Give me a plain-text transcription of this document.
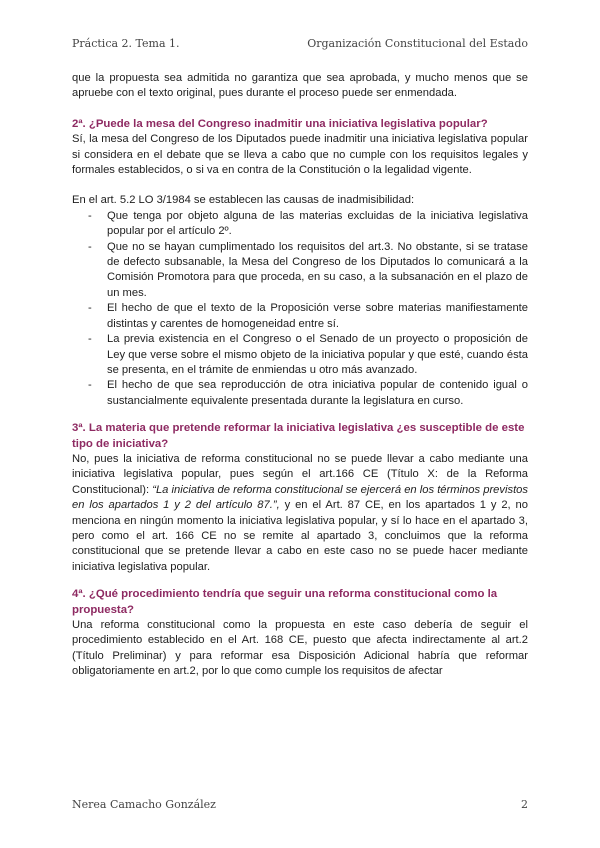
Práctica 2. Tema 1.	Organización Constitucional del Estado

que la propuesta sea admitida no garantiza que sea aprobada, y mucho menos que se apruebe con el texto original, pues durante el proceso puede ser enmendada.

2ª. ¿Puede la mesa del Congreso inadmitir una iniciativa legislativa popular?

Sí, la mesa del Congreso de los Diputados puede inadmitir una iniciativa legislativa popular si considera en el debate que se lleva a cabo que no cumple con los requisitos legales y formales establecidos, o si va en contra de la Constitución o la legalidad vigente.

En el art. 5.2 LO 3/1984 se establecen las causas de inadmisibilidad:

- Que tenga por objeto alguna de las materias excluidas de la iniciativa legislativa popular por el artículo 2º.
- Que no se hayan cumplimentado los requisitos del art.3. No obstante, si se tratase de defecto subsanable, la Mesa del Congreso de los Diputados lo comunicará a la Comisión Promotora para que proceda, en su caso, a la subsanación en el plazo de un mes.
- El hecho de que el texto de la Proposición verse sobre materias manifiestamente distintas y carentes de homogeneidad entre sí.
- La previa existencia en el Congreso o el Senado de un proyecto o proposición de Ley que verse sobre el mismo objeto de la iniciativa popular y que esté, cuando ésta se presenta, en el trámite de enmiendas u otro más avanzado.
- El hecho de que sea reproducción de otra iniciativa popular de contenido igual o sustancialmente equivalente presentada durante la legislatura en curso.
3ª. La materia que pretende reformar la iniciativa legislativa ¿es susceptible de este tipo de iniciativa?

No, pues la iniciativa de reforma constitucional no se puede llevar a cabo mediante una iniciativa legislativa popular, pues según el art.166 CE (Título X: de la Reforma Constitucional): “La iniciativa de reforma constitucional se ejercerá en los términos previstos en los apartados 1 y 2 del artículo 87.”, y en el Art. 87 CE, en los apartados 1 y 2, no menciona en ningún momento la iniciativa legislativa popular, y sí lo hace en el apartado 3, pero como el art. 166 CE no se remite al apartado 3, concluimos que la reforma constitucional que se pretende llevar a cabo en este caso no se puede hacer mediante iniciativa legislativa popular.

4ª. ¿Qué procedimiento tendría que seguir una reforma constitucional como la propuesta?

Una reforma constitucional como la propuesta en este caso debería de seguir el procedimiento establecido en el Art. 168 CE, puesto que afecta indirectamente al art.2 (Título Preliminar) y para reformar esa Disposición Adicional habría que reformar obligatoriamente en art.2, por lo que como cumple los requisitos de afectar

Nerea Camacho González	2
